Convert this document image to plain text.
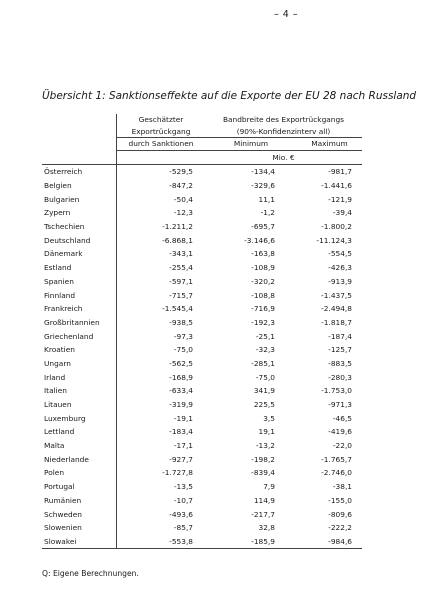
– 4 –
Übersicht 1: Sanktionseffekte auf die Exporte der EU 28 nach Russland
	Geschätzter	Bandbreite des Exportrückgangs	
	Exportrückgang	(90%-Konfidenzinterv all)	
	durch Sanktionen	Minimum	Maximum
		Mio. €	
Österreich	-529,5	-134,4	-981,7
Belgien	-847,2	-329,6	-1.441,6
Bulgarien	-50,4	11,1	-121,9
Zypern	-12,3	-1,2	-39,4
Tschechien	-1.211,2	-695,7	-1.800,2
Deutschland	-6.868,1	-3.146,6	-11.124,3
Dänemark	-343,1	-163,8	-554,5
Estland	-255,4	-108,9	-426,3
Spanien	-597,1	-320,2	-913,9
Finnland	-715,7	-108,8	-1.437,5
Frankreich	-1.545,4	-716,9	-2.494,8
Großbritannien	-938,5	-192,3	-1.818,7
Griechenland	-97,3	-25,1	-187,4
Kroatien	-75,0	-32,3	-125,7
Ungarn	-562,5	-285,1	-883,5
Irland	-168,9	-75,0	-280,3
Italien	-633,4	341,9	-1.753,0
Litauen	-319,9	225,5	-971,3
Luxemburg	-19,1	3,5	-46,5
Lettland	-183,4	19,1	-419,6
Malta	-17,1	-13,2	-22,0
Niederlande	-927,7	-198,2	-1.765,7
Polen	-1.727,8	-839,4	-2.746,0
Portugal	-13,5	7,9	-38,1
Rumänien	-10,7	114,9	-155,0
Schweden	-493,6	-217,7	-809,6
Slowenien	-85,7	32,8	-222,2
Slowakei	-553,8	-185,9	-984,6
Q: Eigene Berechnungen.
